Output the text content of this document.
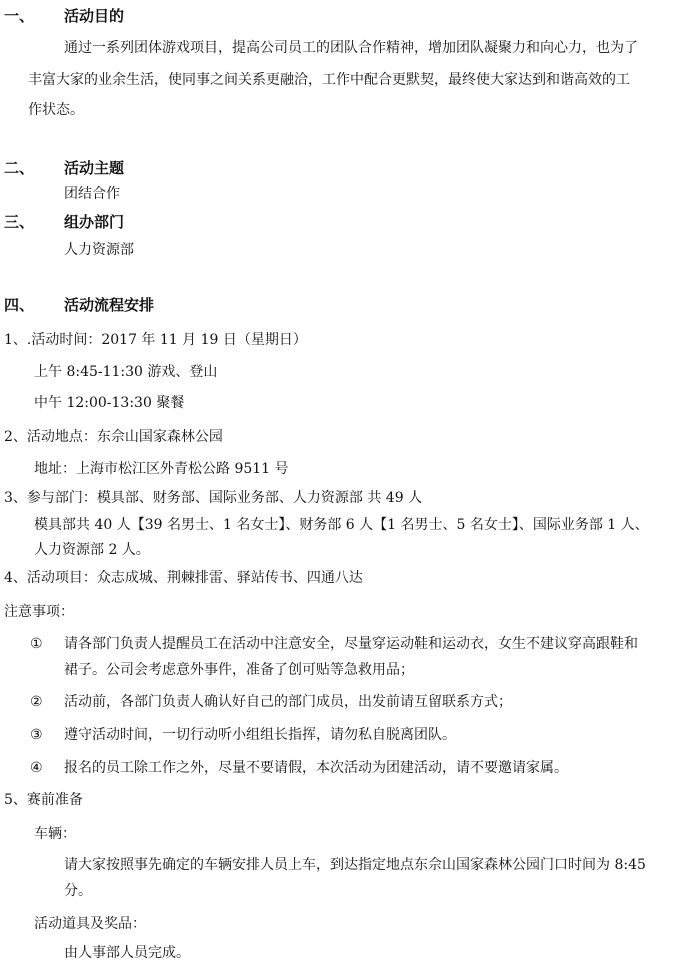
一、 活动目的
通过一系列团体游戏项目，提高公司员工的团队合作精神，增加团队凝聚力和向心力，也为了
丰富大家的业余生活，使同事之间关系更融洽，工作中配合更默契，最终使大家达到和谐高效的工
作状态。
二、 活动主题
团结合作
三、 组办部门
人力资源部
四、 活动流程安排
1、.活动时间：2017 年 11 月 19 日（星期日）
上午 8:45-11:30 游戏、登山
中午 12:00-13:30 聚餐
2、活动地点：东佘山国家森林公园
地址：上海市松江区外青松公路 9511 号
3、参与部门：模具部、财务部、国际业务部、人力资源部 共 49 人
模具部共 40 人【39 名男士、1 名女士】、财务部 6 人【1 名男士、5 名女士】、国际业务部 1 人、
人力资源部 2 人。
4、活动项目：众志成城、荆棘排雷、驿站传书、四通八达
注意事项：
① 请各部门负责人提醒员工在活动中注意安全，尽量穿运动鞋和运动衣，女生不建议穿高跟鞋和
裙子。公司会考虑意外事件，准备了创可贴等急救用品；
② 活动前，各部门负责人确认好自己的部门成员，出发前请互留联系方式；
③ 遵守活动时间，一切行动听小组组长指挥，请勿私自脱离团队。
④ 报名的员工除工作之外，尽量不要请假，本次活动为团建活动，请不要邀请家属。
5、赛前准备
车辆：
请大家按照事先确定的车辆安排人员上车，到达指定地点东佘山国家森林公园门口时间为 8:45
分。
活动道具及奖品：
由人事部人员完成。
